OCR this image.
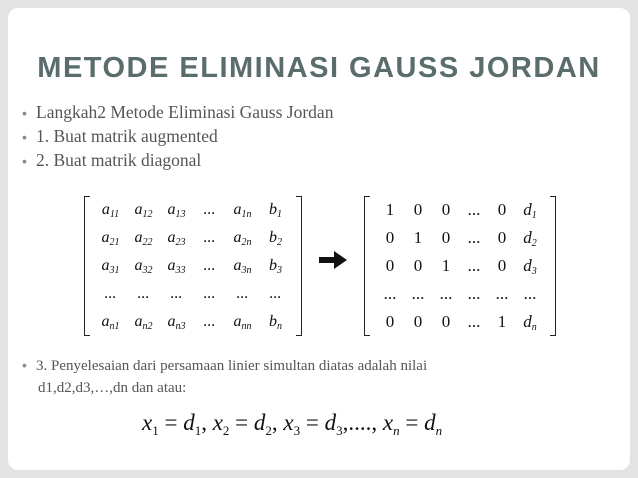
METODE ELIMINASI GAUSS JORDAN
• Langkah2 Metode Eliminasi Gauss Jordan
• 1. Buat matrik augmented
• 2. Buat matrik diagonal
$a_{11}$	$a_{12}$	$a_{13}$	...	$a_{1n}$	$b_1$
$a_{21}$	$a_{22}$	$a_{23}$	...	$a_{2n}$	$b_2$
$a_{31}$	$a_{32}$	$a_{33}$	...	$a_{3n}$	$b_3$
...	...	...	...	...	...
$a_{n1}$	$a_{n2}$	$a_{n3}$	...	$a_{nn}$	$b_n$
1	0	0	...	0	$d_1$
0	1	0	...	0	$d_2$
0	0	1	...	0	$d_3$
...	...	...	...	...	...
0	0	0	...	1	$d_n$
• 3. Penyelesaian dari persamaan linier simultan diatas adalah nilai
d1,d2,d3,…,dn dan atau:
$x_1 = d_1$, $x_2 = d_2$, $x_3 = d_3$,...., $x_n = d_n$
